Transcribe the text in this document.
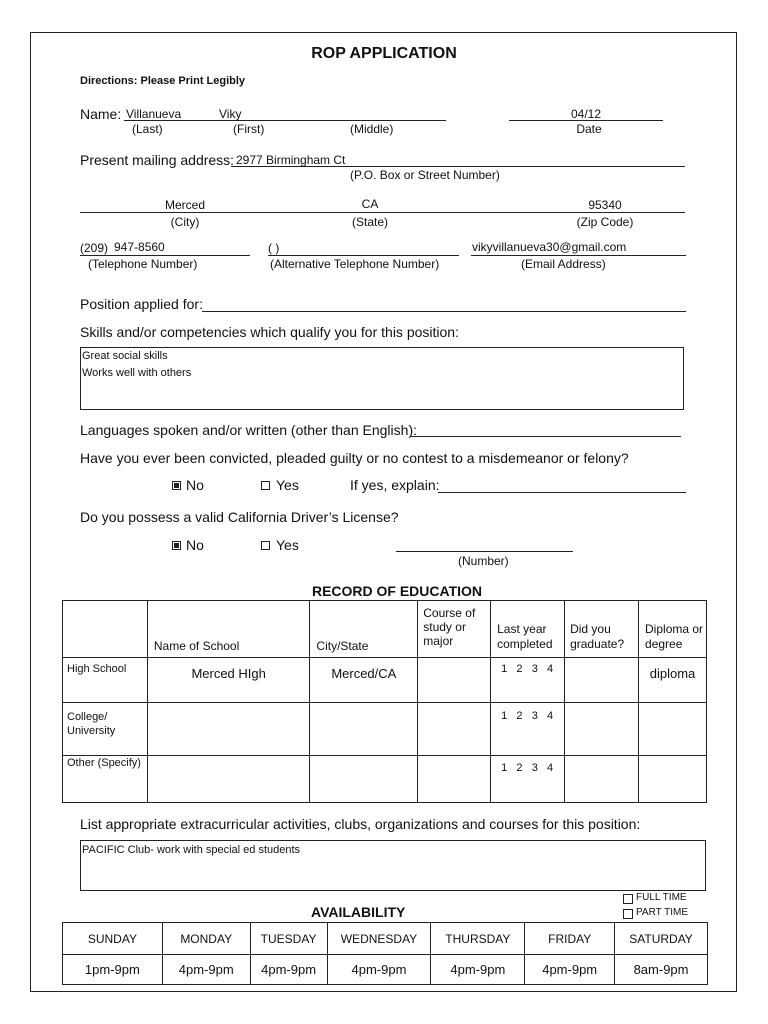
ROP APPLICATION
Directions: Please Print Legibly
Name: Villanueva	Viky	04/12
(Last)	(First)	(Middle)	Date
Present mailing address: 2977 Birmingham Ct
(P.O. Box or Street Number)
Merced	CA	95340
(City)	(State)	(Zip Code)
(209) 947-8560	( )	vikyvillanueva30@gmail.com
(Telephone Number)	(Alternative Telephone Number)	(Email Address)
Position applied for:
Skills and/or competencies which qualify you for this position:
Great social skills
Works well with others
Languages spoken and/or written (other than English):
Have you ever been convicted, pleaded guilty or no contest to a misdemeanor or felony?
No	Yes	If yes, explain:
Do you possess a valid California Driver’s License?
No	Yes
(Number)
RECORD OF EDUCATION
	Name of School	City/State	Course of study or major	Last year completed	Did you graduate?	Diploma or degree
High School	Merced HIgh	Merced/CA		1   2   3   4		diploma
College/ University				1   2   3   4		
Other (Specify)				1   2   3   4		
List appropriate extracurricular activities, clubs, organizations and courses for this position:
PACIFIC Club- work with special ed students
AVAILABILITY
FULL TIME
PART TIME
SUNDAY	MONDAY	TUESDAY	WEDNESDAY	THURSDAY	FRIDAY	SATURDAY
1pm-9pm	4pm-9pm	4pm-9pm	4pm-9pm	4pm-9pm	4pm-9pm	8am-9pm
